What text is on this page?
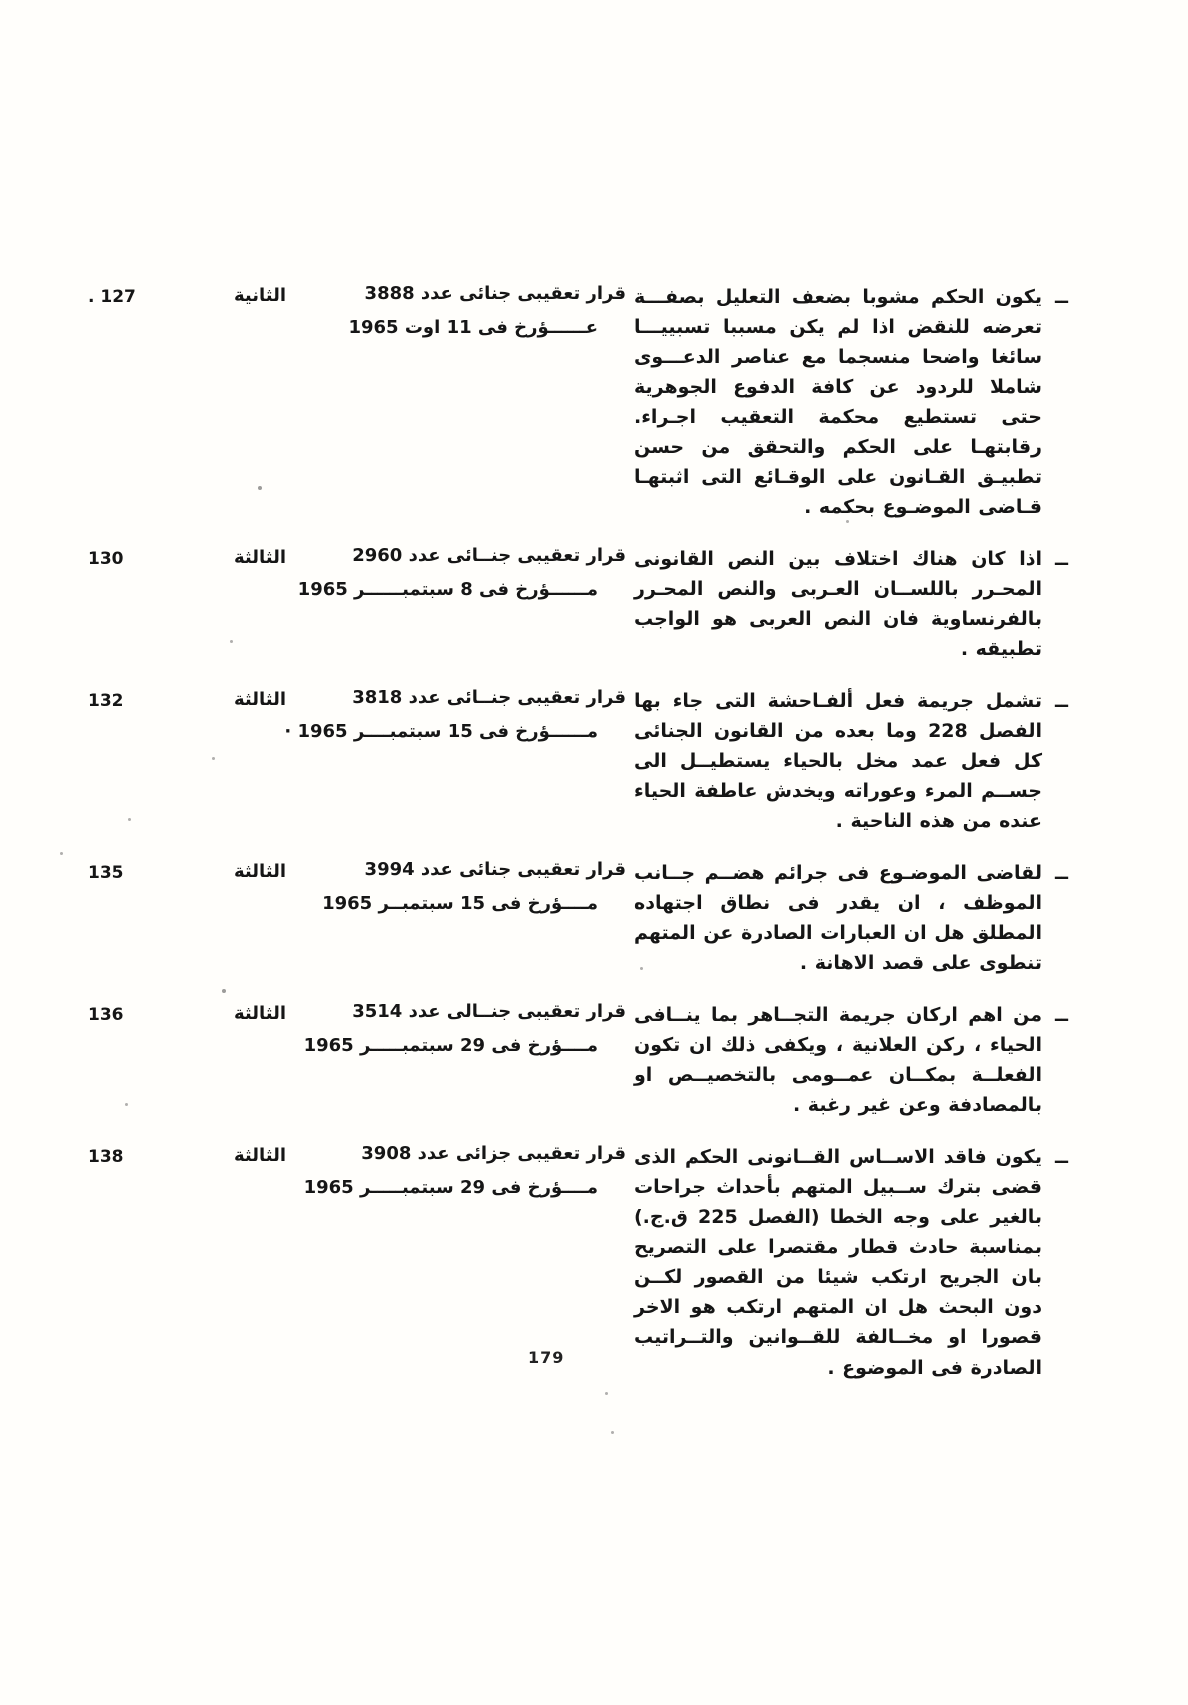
ــ

يكون الحكم مشوبا بضعف التعليل بصفـــة تعرضه للنقض اذا لم يكن مسببا تسبييـــا سائغا واضحا منسجما مع عناصر الدعـــوى شاملا للردود عن كافة الدفوع الجوهرية حتى تستطيع محكمة التعقيب اجـراء. رقابتهـا على الحكم والتحقق من حسن تطبيـق القـانون على الوقـائع التى اثبتهـا قـاضى الموضـوع بحكمه .

قرار تعقيبى جنائى عدد 3888
عــــــؤرخ فى 11 اوت 1965
الثانية
. 127
ــ

اذا كان هناك اختلاف بين النص القانونى المحـرر باللســان العـربى والنص المحـرر بالفرنساوية فان النص العربى هو الواجب تطبيقه .

قرار تعقيبى جنــائى عدد 2960
مــــــؤرخ فى 8 سبتمبــــــر 1965
الثالثة
130
ــ

تشمل جريمة فعل ألفـاحشة التى جاء بها الفصل 228 وما بعده من القانون الجنائى كل فعل عمد مخل بالحياء يستطيــل الى جســم المرء وعوراته ويخدش عاطفة الحياء عنده من هذه الناحية .

قرار تعقيبى جنــائى عدد 3818
مــــــؤرخ فى 15 سبتمبــــر 1965 ·
الثالثة
132
ــ

لقاضى الموضـوع فى جرائم هضــم جــانب الموظف ، ان يقدر فى نطاق اجتهاده المطلق هل ان العبارات الصادرة عن المتهم تنطوى على قصد الاهانة .

قرار تعقيبى جنائى عدد 3994
مــــؤرخ فى 15 سبتمبــر 1965
الثالثة
135
ــ

من اهم اركان جريمة التجــاهر بما ينــافى الحياء ، ركن العلانية ، ويكفى ذلك ان تكون الفعلــة بمكــان عمــومى بالتخصيــص او بالمصادفة وعن غير رغبة .

قرار تعقيبى جنــالى عدد 3514
مــــؤرخ فى 29 سبتمبـــــر 1965
الثالثة
136
ــ

يكون فاقد الاســاس القــانونى الحكم الذى قضى بترك ســبيل المتهم بأحداث جراحات بالغير على وجه الخطا (الفصل 225 ق.ج.) بمناسبة حادث قطار مقتصرا على التصريح بان الجريح ارتكب شيئا من القصور لكــن دون البحث هل ان المتهم ارتكب هو الاخر قصورا او مخــالفة للقــوانين والتــراتيب الصادرة فى الموضوع .

قرار تعقيبى جزائى عدد 3908
مــــؤرخ فى 29 سبتمبـــــر 1965
الثالثة
138
179
